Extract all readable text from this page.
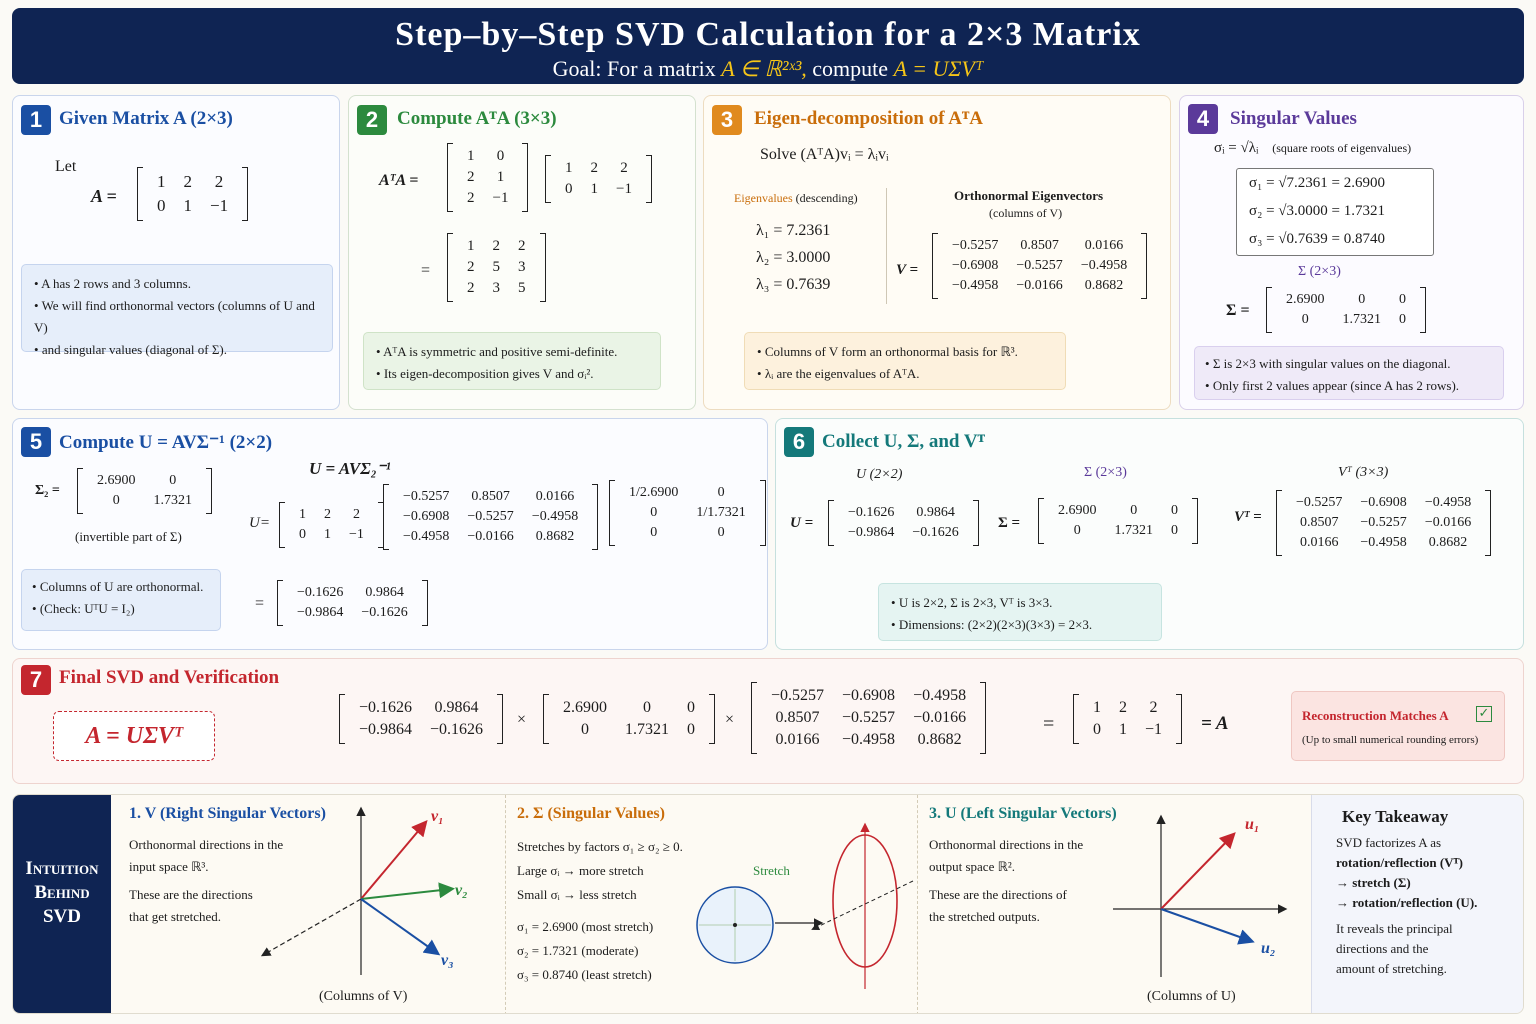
Step–by–Step SVD Calculation for a 2×3 Matrix
Goal: For a matrix A ∈ ℝ²ˣ³, compute A = UΣVᵀ
1 Given Matrix A (2×3)
Let
A =
1	2	2
0	1	−1
• A has 2 rows and 3 columns.
• We will find orthonormal vectors (columns of U and V)
• and singular values (diagonal of Σ).
2 Compute AᵀA (3×3)
AᵀA =
1	0
2	1
2	−1
1	2	2
0	1	−1
=
1	2	2
2	5	3
2	3	5
• AᵀA is symmetric and positive semi-definite.
• Its eigen-decomposition gives V and σᵢ².
3	Eigen-decomposition of AᵀA
Solve (AᵀA)vᵢ = λᵢvᵢ
Eigenvalues (descending)
λ₁ = 7.2361
λ₂ = 3.0000
λ₃ = 0.7639
Orthonormal Eigenvectors
(columns of V)
V =
−0.5257	0.8507	0.0166
−0.6908	−0.5257	−0.4958
−0.4958	−0.0166	0.8682
• Columns of V form an orthonormal basis for ℝ³.
• λᵢ are the eigenvalues of AᵀA.
4	Singular Values
σᵢ = √λᵢ (square roots of eigenvalues)
σ₁ = √7.2361 = 2.6900
σ₂ = √3.0000 = 1.7321
σ₃ = √0.7639 = 0.8740
Σ (2×3)
Σ =
2.6900	0	0
0	1.7321	0
• Σ is 2×3 with singular values on the diagonal.
• Only first 2 values appear (since A has 2 rows).
5 Compute U = AVΣ⁻¹ (2×2)
Σ₂ =
2.6900	0
0	1.7321
(invertible part of Σ)
U = AVΣ₂⁻¹
U=
1	2	2
0	1	−1
−0.5257	0.8507	0.0166
−0.6908	−0.5257	−0.4958
−0.4958	−0.0166	0.8682
1/2.6900	0
0	1/1.7321
0	0
=
−0.1626	0.9864
−0.9864	−0.1626
• Columns of U are orthonormal.
• (Check: UᵀU = I₂)
6 Collect U, Σ, and Vᵀ
U (2×2)	Σ (2×3)	Vᵀ (3×3)
U =
−0.1626	0.9864
−0.9864	−0.1626
Σ =
2.6900	0	0
0	1.7321	0
Vᵀ =
−0.5257	−0.6908	−0.4958
0.8507	−0.5257	−0.0166
0.0166	−0.4958	0.8682
• U is 2×2, Σ is 2×3, Vᵀ is 3×3.
• Dimensions: (2×2)(2×3)(3×3) = 2×3.
7 Final SVD and Verification
A = UΣVᵀ
−0.1626	0.9864
−0.9864	−0.1626
×
2.6900	0	0
0	1.7321	0
×
−0.5257	−0.6908	−0.4958
0.8507	−0.5257	−0.0166
0.0166	−0.4958	0.8682
=
1	2	2
0	1	−1 = A	Reconstruction Matches A ✓
(Up to small numerical rounding errors)
Intuition
Behind
SVD
1. V (Right Singular Vectors)
Orthonormal directions in the
input space ℝ³.
These are the directions
that get stretched.
v₁
v₂
v₃
(Columns of V)
2. Σ (Singular Values)
Stretches by factors σ₁ ≥ σ₂ ≥ 0.
Large σᵢ → more stretch
Small σᵢ → less stretch
σ₁ = 2.6900 (most stretch)
σ₂ = 1.7321 (moderate)
σ₃ = 0.8740 (least stretch)
Stretch
3. U (Left Singular Vectors)
Orthonormal directions in the
output space ℝ².
These are the directions of
the stretched outputs.
u₁
u₂
(Columns of U)
Key Takeaway
SVD factorizes A as
rotation/reflection (Vᵀ)
→ stretch (Σ)
→ rotation/reflection (U).
It reveals the principal
directions and the
amount of stretching.
